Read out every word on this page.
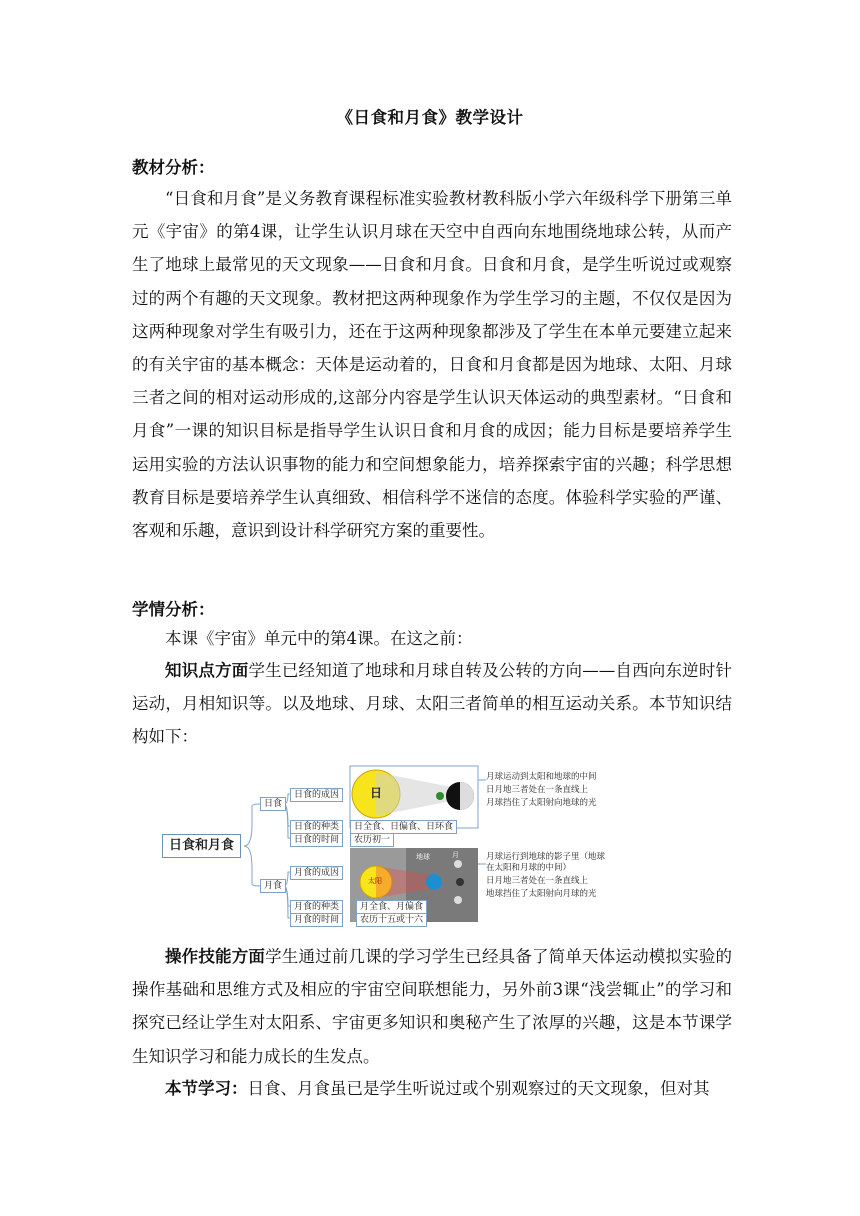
《日食和月食》教学设计
教材分析：

“日食和月食”是义务教育课程标准实验教材教科版小学六年级科学下册第三单元《宇宙》的第4课，让学生认识月球在天空中自西向东地围绕地球公转，从而产生了地球上最常见的天文现象——日食和月食。日食和月食，是学生听说过或观察过的两个有趣的天文现象。教材把这两种现象作为学生学习的主题，不仅仅是因为这两种现象对学生有吸引力，还在于这两种现象都涉及了学生在本单元要建立起来的有关宇宙的基本概念：天体是运动着的，日食和月食都是因为地球、太阳、月球三者之间的相对运动形成的,这部分内容是学生认识天体运动的典型素材。“日食和月食”一课的知识目标是指导学生认识日食和月食的成因；能力目标是要培养学生运用实验的方法认识事物的能力和空间想象能力，培养探索宇宙的兴趣；科学思想教育目标是要培养学生认真细致、相信科学不迷信的态度。体验科学实验的严谨、客观和乐趣，意识到设计科学研究方案的重要性。

学情分析：
本课《宇宙》单元中的第4课。在这之前：

知识点方面学生已经知道了地球和月球自转及公转的方向——自西向东逆时针运动，月相知识等。以及地球、月球、太阳三者简单的相互运动关系。本节知识结构如下：

日食和月食
日食
日食的成因	日
月球运动到太阳和地球的中间
日月地三者处在一条直线上
月球挡住了太阳射向地球的光
日食的种类	日全食、日偏食、日环食
日食的时间	农历初一
月食
月食的成因
太阳
地球	月	月球运行到地球的影子里（地球
在太阳和月球的中间）
日月地三者处在一条直线上
地球挡住了太阳射向月球的光
月食的种类	月全食、月偏食
月食的时间	农历十五或十六

操作技能方面学生通过前几课的学习学生已经具备了简单天体运动模拟实验的操作基础和思维方式及相应的宇宙空间联想能力，另外前3课“浅尝辄止”的学习和探究已经让学生对太阳系、宇宙更多知识和奥秘产生了浓厚的兴趣，这是本节课学生知识学习和能力成长的生发点。

本节学习：日食、月食虽已是学生听说过或个别观察过的天文现象，但对其
